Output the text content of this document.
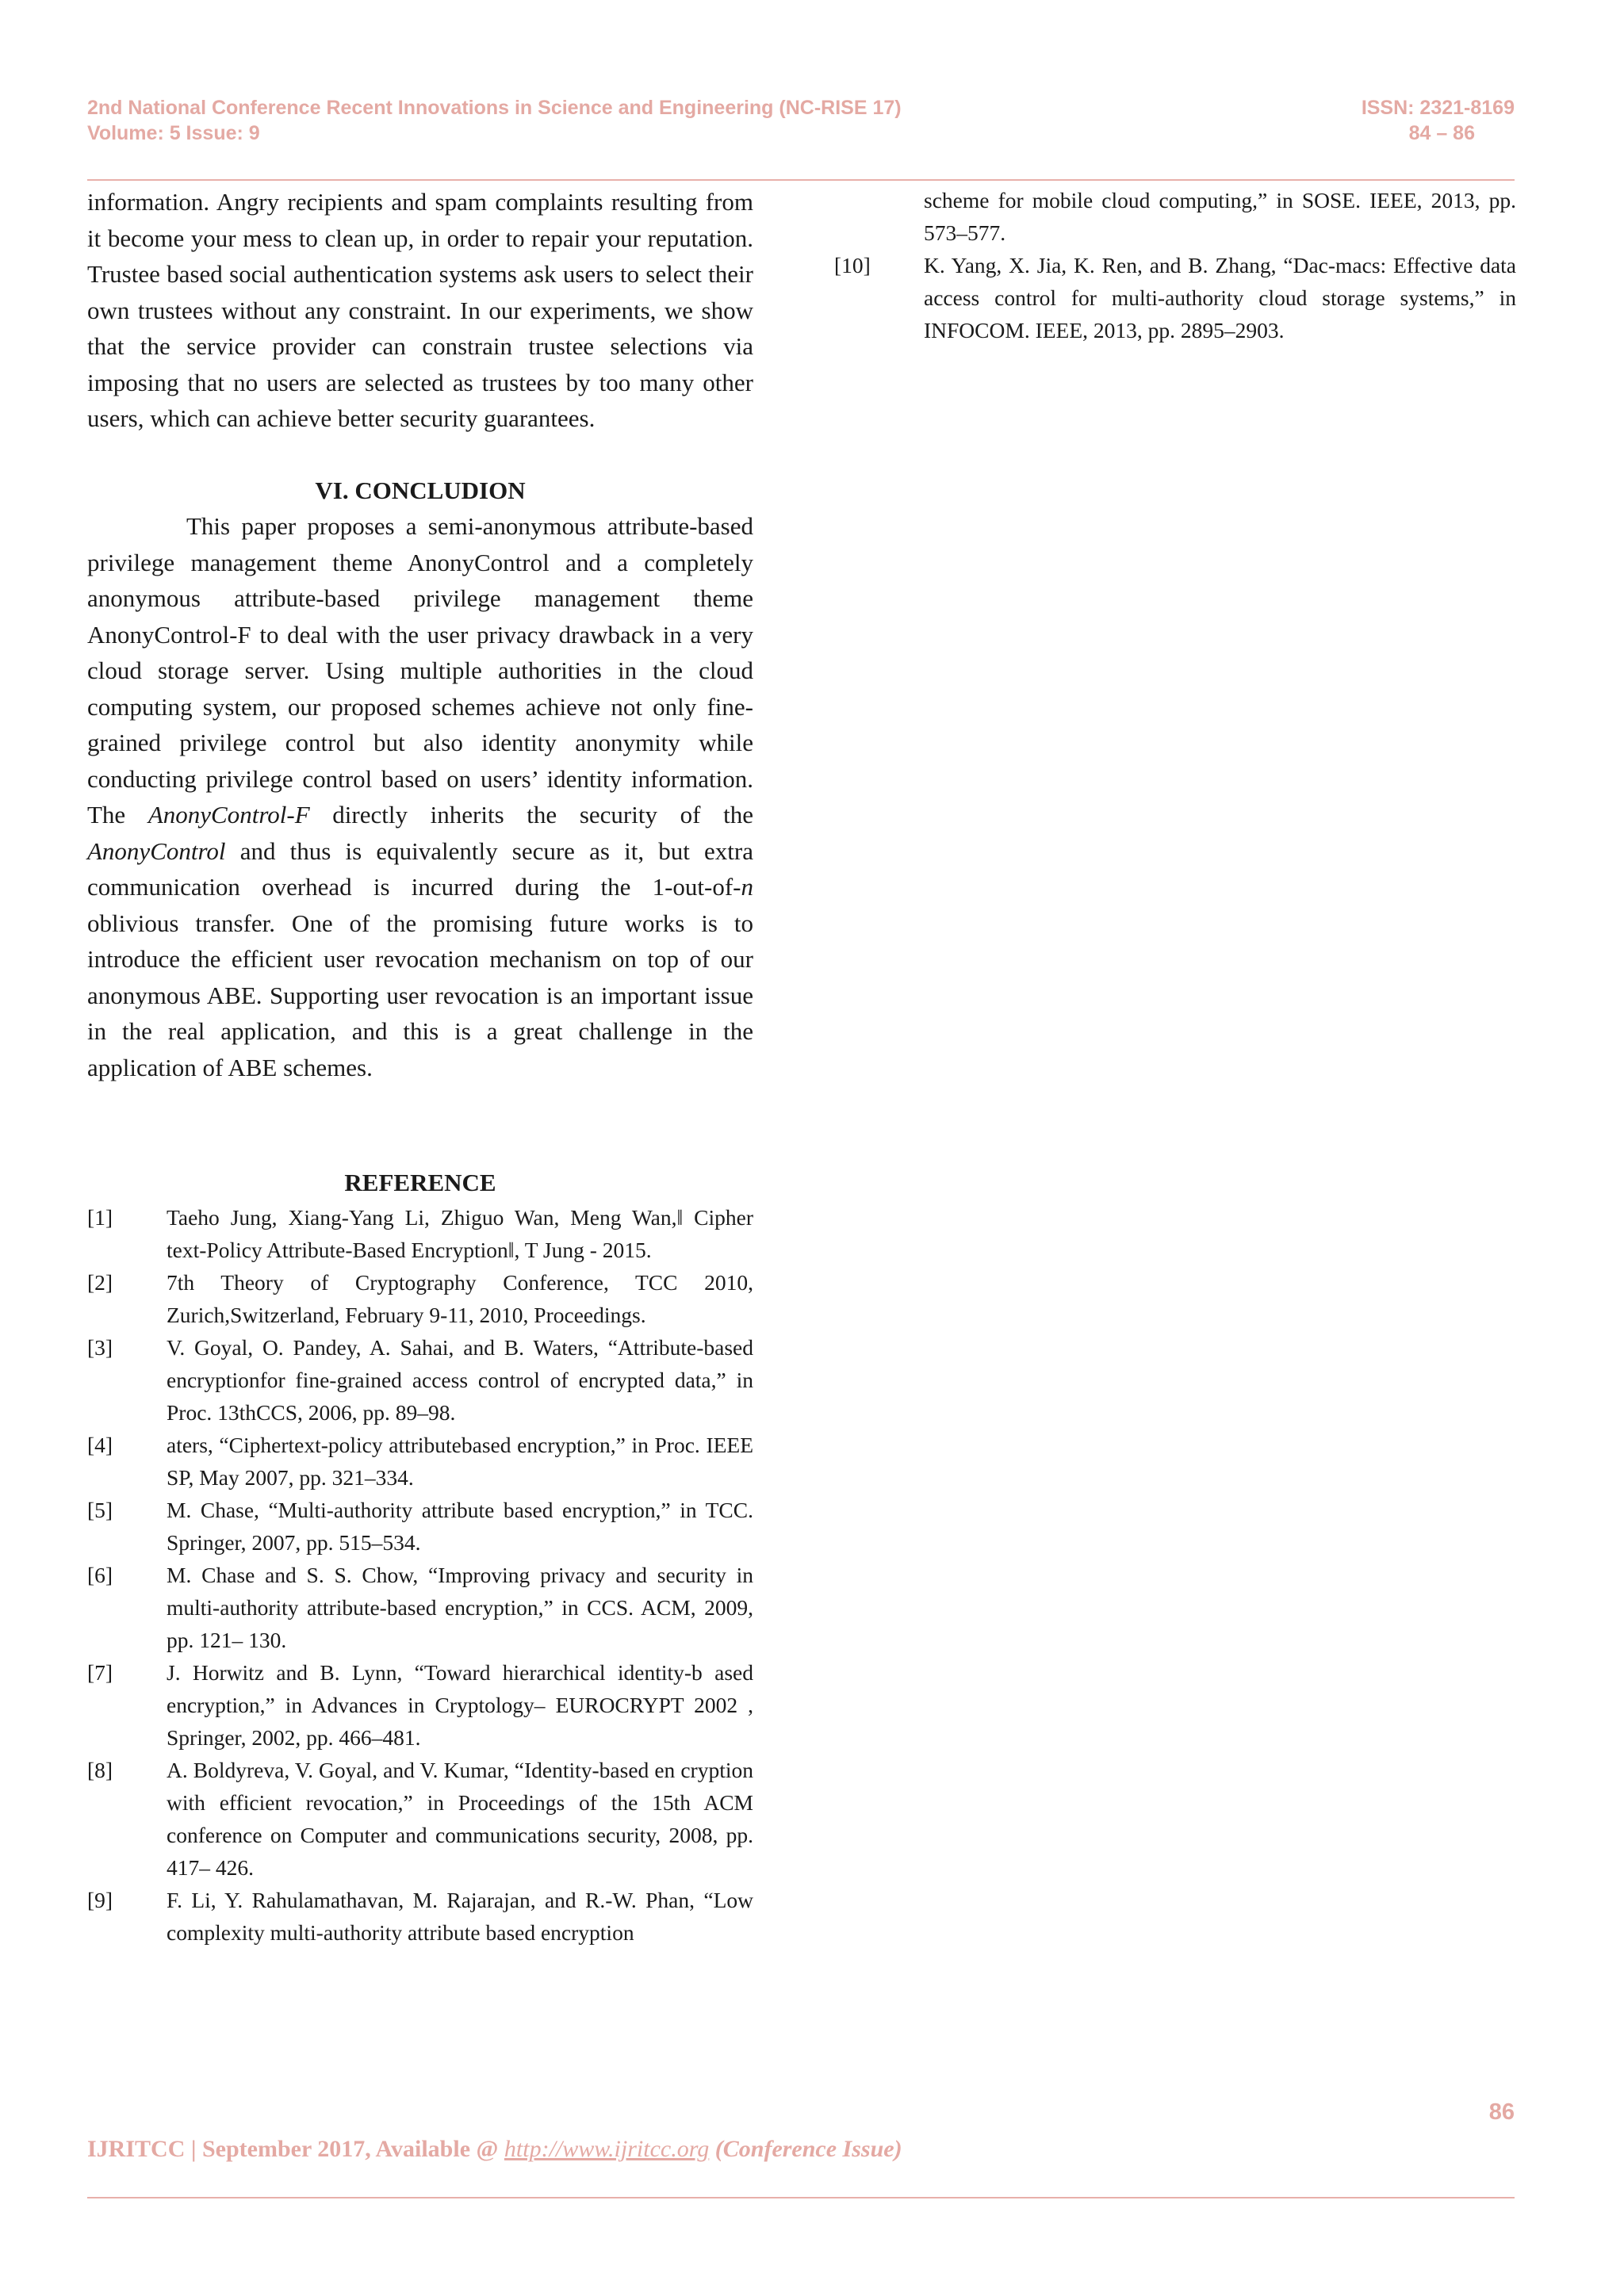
2nd National Conference Recent Innovations in Science and Engineering (NC-RISE 17)
Volume: 5 Issue: 9
ISSN: 2321-8169
84 – 86

information. Angry recipients and spam complaints resulting from it become your mess to clean up, in order to repair your reputation. Trustee based social authentication systems ask users to select their own trustees without any constraint. In our experiments, we show that the service provider can constrain trustee selections via imposing that no users are selected as trustees by too many other users, which can achieve better security guarantees.

VI. CONCLUDION

This paper proposes a semi-anonymous attribute-based privilege management theme AnonyControl and a completely anonymous attribute-based privilege management theme AnonyControl-F to deal with the user privacy drawback in a very cloud storage server. Using multiple authorities in the cloud computing system, our proposed schemes achieve not only fine-grained privilege control but also identity anonymity while conducting privilege control based on users’ identity information. The AnonyControl-F directly inherits the security of the AnonyControl and thus is equivalently secure as it, but extra communication overhead is incurred during the 1-out-of-n oblivious transfer. One of the promising future works is to introduce the efficient user revocation mechanism on top of our anonymous ABE. Supporting user revocation is an important issue in the real application, and this is a great challenge in the application of ABE schemes.

REFERENCE

[1]	Taeho Jung, Xiang-Yang Li, Zhiguo Wan, Meng Wan,‖ Cipher text-Policy Attribute-Based Encryption‖, T Jung - 2015.
[2]	7th Theory of Cryptography Conference, TCC 2010, Zurich,Switzerland, February 9-11, 2010, Proceedings.
[3]	V. Goyal, O. Pandey, A. Sahai, and B. Waters, “Attribute-based encryptionfor fine-grained access control of encrypted data,” in Proc. 13thCCS, 2006, pp. 89–98.
[4]	aters, “Ciphertext-policy attributebased encryption,” in Proc. IEEE SP, May 2007, pp. 321–334.
[5]	M. Chase, “Multi-authority attribute based encryption,” in TCC. Springer, 2007, pp. 515–534.
[6]	M. Chase and S. S. Chow, “Improving privacy and security in multi-authority attribute-based encryption,” in CCS. ACM, 2009, pp. 121– 130.
[7]	J. Horwitz and B. Lynn, “Toward hierarchical identity-b ased encryption,” in Advances in Cryptology– EUROCRYPT 2002 , Springer, 2002, pp. 466–481.
[8]	A. Boldyreva, V. Goyal, and V. Kumar, “Identity-based en cryption with efficient revocation,” in Proceedings of the 15th ACM conference on Computer and communications security, 2008, pp. 417– 426.
[9]	F. Li, Y. Rahulamathavan, M. Rajarajan, and R.-W. Phan, “Low complexity multi-authority attribute based encryption
scheme for mobile cloud computing,” in SOSE. IEEE, 2013, pp. 573–577.
[10]	K. Yang, X. Jia, K. Ren, and B. Zhang, “Dac-macs: Effective data access control for multi-authority cloud storage systems,” in INFOCOM. IEEE, 2013, pp. 2895–2903.
86
IJRITCC | September 2017, Available @ http://www.ijritcc.org (Conference Issue)
